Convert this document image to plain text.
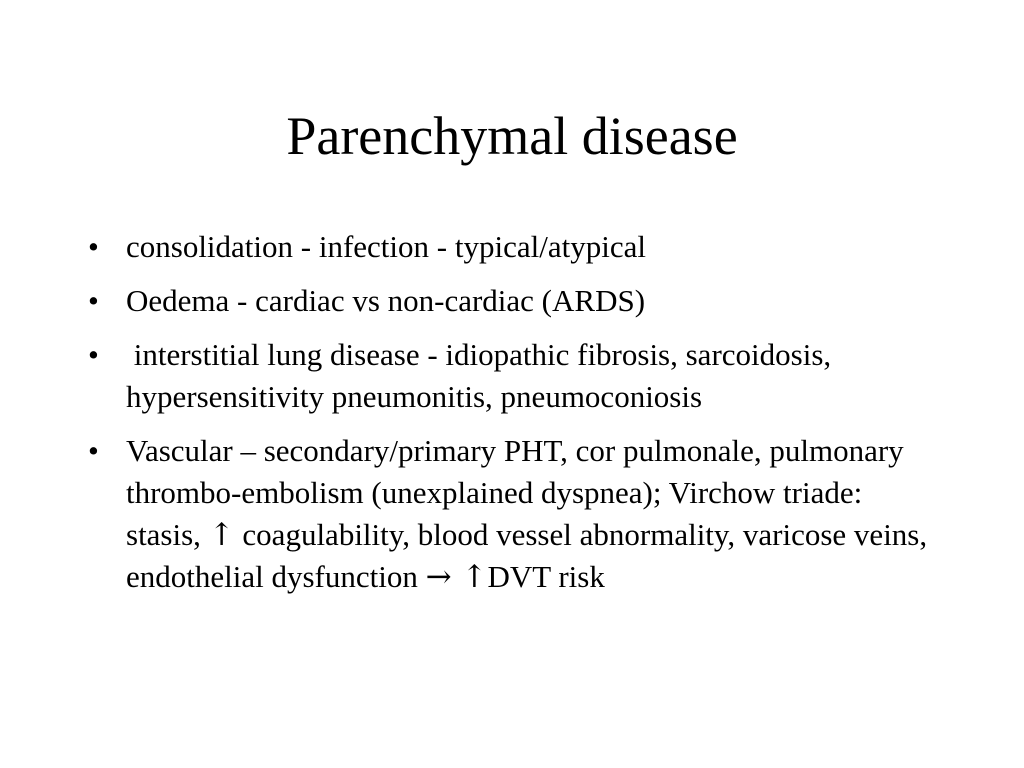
Parenchymal disease
• consolidation - infection - typical/atypical
• Oedema - cardiac vs non-cardiac (ARDS)
• interstitial lung disease - idiopathic fibrosis, sarcoidosis, hypersensitivity pneumonitis, pneumoconiosis
• Vascular – secondary/primary PHT, cor pulmonale, pulmonary thrombo-embolism (unexplained dyspnea); Virchow triade: stasis, ↑ coagulability, blood vessel abnormality, varicose veins, endothelial dysfunction → ↑DVT risk
